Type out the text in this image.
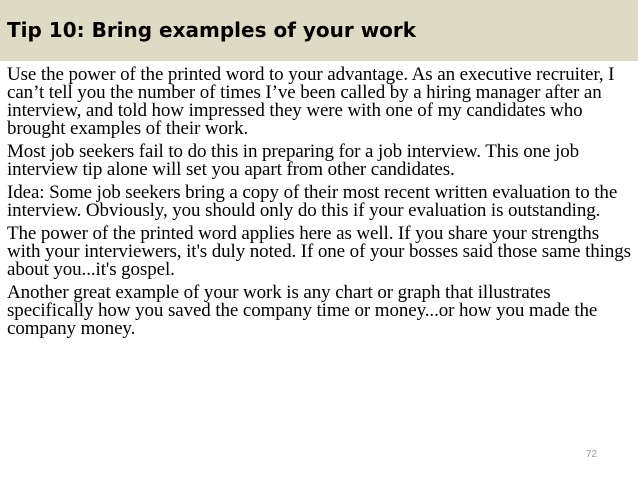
Tip 10: Bring examples of your work

Use the power of the printed word to your advantage. As an executive recruiter, I can’t tell you the number of times I’ve been called by a hiring manager after an interview, and told how impressed they were with one of my candidates who brought examples of their work.

Most job seekers fail to do this in preparing for a job interview. This one job interview tip alone will set you apart from other candidates.

Idea: Some job seekers bring a copy of their most recent written evaluation to the interview. Obviously, you should only do this if your evaluation is outstanding.

The power of the printed word applies here as well. If you share your strengths with your interviewers, it's duly noted. If one of your bosses said those same things about you...it's gospel.

Another great example of your work is any chart or graph that illustrates specifically how you saved the company time or money...or how you made the company money.

72
